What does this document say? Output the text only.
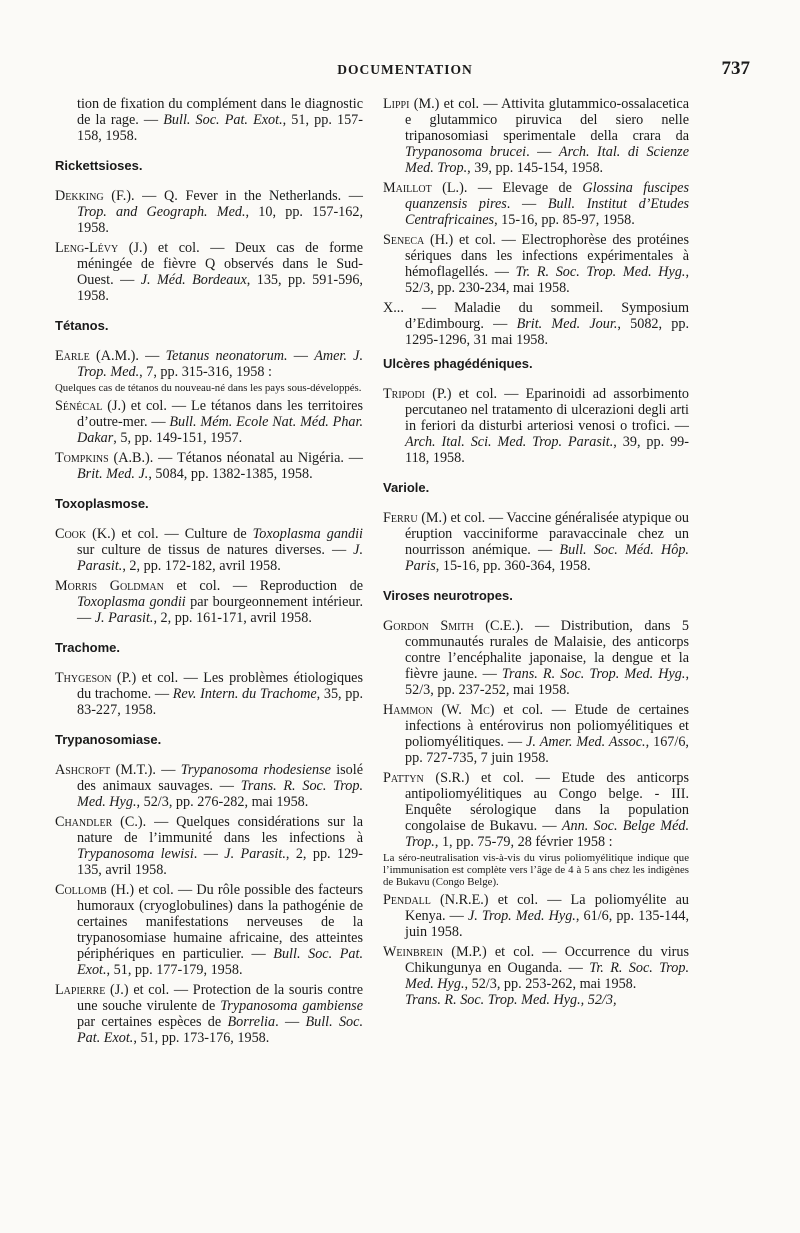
DOCUMENTATION	737

tion de fixation du complément dans le diagnostic de la rage. — Bull. Soc. Pat. Exot., 51, pp. 157-158, 1958.

Rickettsioses.

Dekking (F.). — Q. Fever in the Netherlands. — Trop. and Geograph. Med., 10, pp. 157-162, 1958.

Leng-Lévy (J.) et col. — Deux cas de forme méningée de fièvre Q observés dans le Sud-Ouest. — J. Méd. Bordeaux, 135, pp. 591-596, 1958.

Tétanos.

Earle (A.M.). — Tetanus neonatorum. — Amer. J. Trop. Med., 7, pp. 315-316, 1958 :

Quelques cas de tétanos du nouveau-né dans les pays sous-développés.

Sénécal (J.) et col. — Le tétanos dans les territoires d’outre-mer. — Bull. Mém. Ecole Nat. Méd. Phar. Dakar, 5, pp. 149-151, 1957.

Tompkins (A.B.). — Tétanos néonatal au Nigéria. — Brit. Med. J., 5084, pp. 1382-1385, 1958.

Toxoplasmose.

Cook (K.) et col. — Culture de Toxoplasma gandii sur culture de tissus de natures diverses. — J. Parasit., 2, pp. 172-182, avril 1958.

Morris Goldman et col. — Reproduction de Toxoplasma gondii par bourgeonnement intérieur. — J. Parasit., 2, pp. 161-171, avril 1958.

Trachome.

Thygeson (P.) et col. — Les problèmes étiologiques du trachome. — Rev. Intern. du Trachome, 35, pp. 83-227, 1958.

Trypanosomiase.

Ashcroft (M.T.). — Trypanosoma rhodesiense isolé des animaux sauvages. — Trans. R. Soc. Trop. Med. Hyg., 52/3, pp. 276-282, mai 1958.

Chandler (C.). — Quelques considérations sur la nature de l’immunité dans les infections à Trypanosoma lewisi. — J. Parasit., 2, pp. 129-135, avril 1958.

Collomb (H.) et col. — Du rôle possible des facteurs humoraux (cryoglobulines) dans la pathogénie de certaines manifestations nerveuses de la trypanosomiase humaine africaine, des atteintes périphériques en particulier. — Bull. Soc. Pat. Exot., 51, pp. 177-179, 1958.

Lapierre (J.) et col. — Protection de la souris contre une souche virulente de Trypanosoma gambiense par certaines espèces de Borrelia. — Bull. Soc. Pat. Exot., 51, pp. 173-176, 1958.

Lippi (M.) et col. — Attivita glutammico-ossalacetica e glutammico piruvica del siero nelle tripanosomiasi sperimentale della crara da Trypanosoma brucei. — Arch. Ital. di Scienze Med. Trop., 39, pp. 145-154, 1958.

Maillot (L.). — Elevage de Glossina fuscipes quanzensis pires. — Bull. Institut d’Etudes Centrafricaines, 15-16, pp. 85-97, 1958.

Seneca (H.) et col. — Electrophorèse des protéines sériques dans les infections expérimentales à hémoflagellés. — Tr. R. Soc. Trop. Med. Hyg., 52/3, pp. 230-234, mai 1958.

X... — Maladie du sommeil. Symposium d’Edimbourg. — Brit. Med. Jour., 5082, pp. 1295-1296, 31 mai 1958.

Ulcères phagédéniques.

Tripodi (P.) et col. — Eparinoidi ad assorbimento percutaneo nel tratamento di ulcerazioni degli arti in feriori da disturbi arteriosi venosi o trofici. — Arch. Ital. Sci. Med. Trop. Parasit., 39, pp. 99-118, 1958.

Variole.

Ferru (M.) et col. — Vaccine généralisée atypique ou éruption vacciniforme paravaccinale chez un nourrisson anémique. — Bull. Soc. Méd. Hôp. Paris, 15-16, pp. 360-364, 1958.

Viroses neurotropes.

Gordon Smith (C.E.). — Distribution, dans 5 communautés rurales de Malaisie, des anticorps contre l’encéphalite japonaise, la dengue et la fièvre jaune. — Trans. R. Soc. Trop. Med. Hyg., 52/3, pp. 237-252, mai 1958.

Hammon (W. Mc) et col. — Etude de certaines infections à entérovirus non poliomyélitiques et poliomyélitiques. — J. Amer. Med. Assoc., 167/6, pp. 727-735, 7 juin 1958.

Pattyn (S.R.) et col. — Etude des anticorps antipoliomyélitiques au Congo belge. - III. Enquête sérologique dans la population congolaise de Bukavu. — Ann. Soc. Belge Méd. Trop., 1, pp. 75-79, 28 février 1958 :

La séro-neutralisation vis-à-vis du virus poliomyélitique indique que l’immunisation est complète vers l’âge de 4 à 5 ans chez les indigènes de Bukavu (Congo Belge).

Pendall (N.R.E.) et col. — La poliomyélite au Kenya. — J. Trop. Med. Hyg., 61/6, pp. 135-144, juin 1958.

Weinbrein (M.P.) et col. — Occurrence du virus Chikungunya en Ouganda. — Tr. R. Soc. Trop. Med. Hyg., 52/3, pp. 253-262, mai 1958.

Trans. R. Soc. Trop. Med. Hyg., 52/3,
